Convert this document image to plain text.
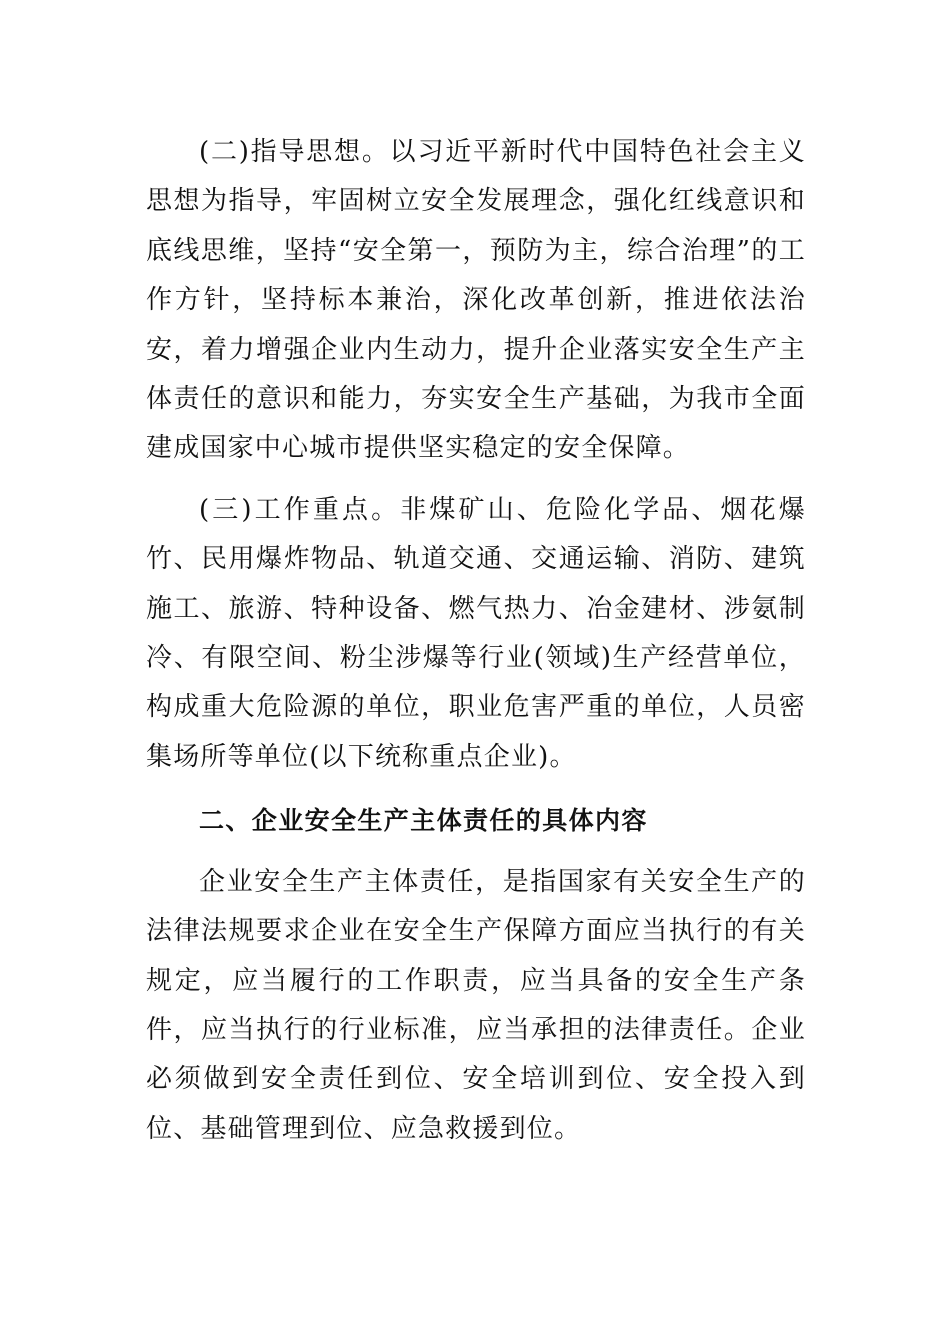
(二)指导思想。以习近平新时代中国特色社会主义思想为指导，牢固树立安全发展理念，强化红线意识和底线思维，坚持“安全第一，预防为主，综合治理”的工作方针，坚持标本兼治，深化改革创新，推进依法治安，着力增强企业内生动力，提升企业落实安全生产主体责任的意识和能力，夯实安全生产基础，为我市全面建成国家中心城市提供坚实稳定的安全保障。

(三)工作重点。非煤矿山、危险化学品、烟花爆竹、民用爆炸物品、轨道交通、交通运输、消防、建筑施工、旅游、特种设备、燃气热力、冶金建材、涉氨制冷、有限空间、粉尘涉爆等行业(领域)生产经营单位，构成重大危险源的单位，职业危害严重的单位，人员密集场所等单位(以下统称重点企业)。

二、企业安全生产主体责任的具体内容

企业安全生产主体责任，是指国家有关安全生产的法律法规要求企业在安全生产保障方面应当执行的有关规定，应当履行的工作职责，应当具备的安全生产条件，应当执行的行业标准，应当承担的法律责任。企业必须做到安全责任到位、安全培训到位、安全投入到位、基础管理到位、应急救援到位。
